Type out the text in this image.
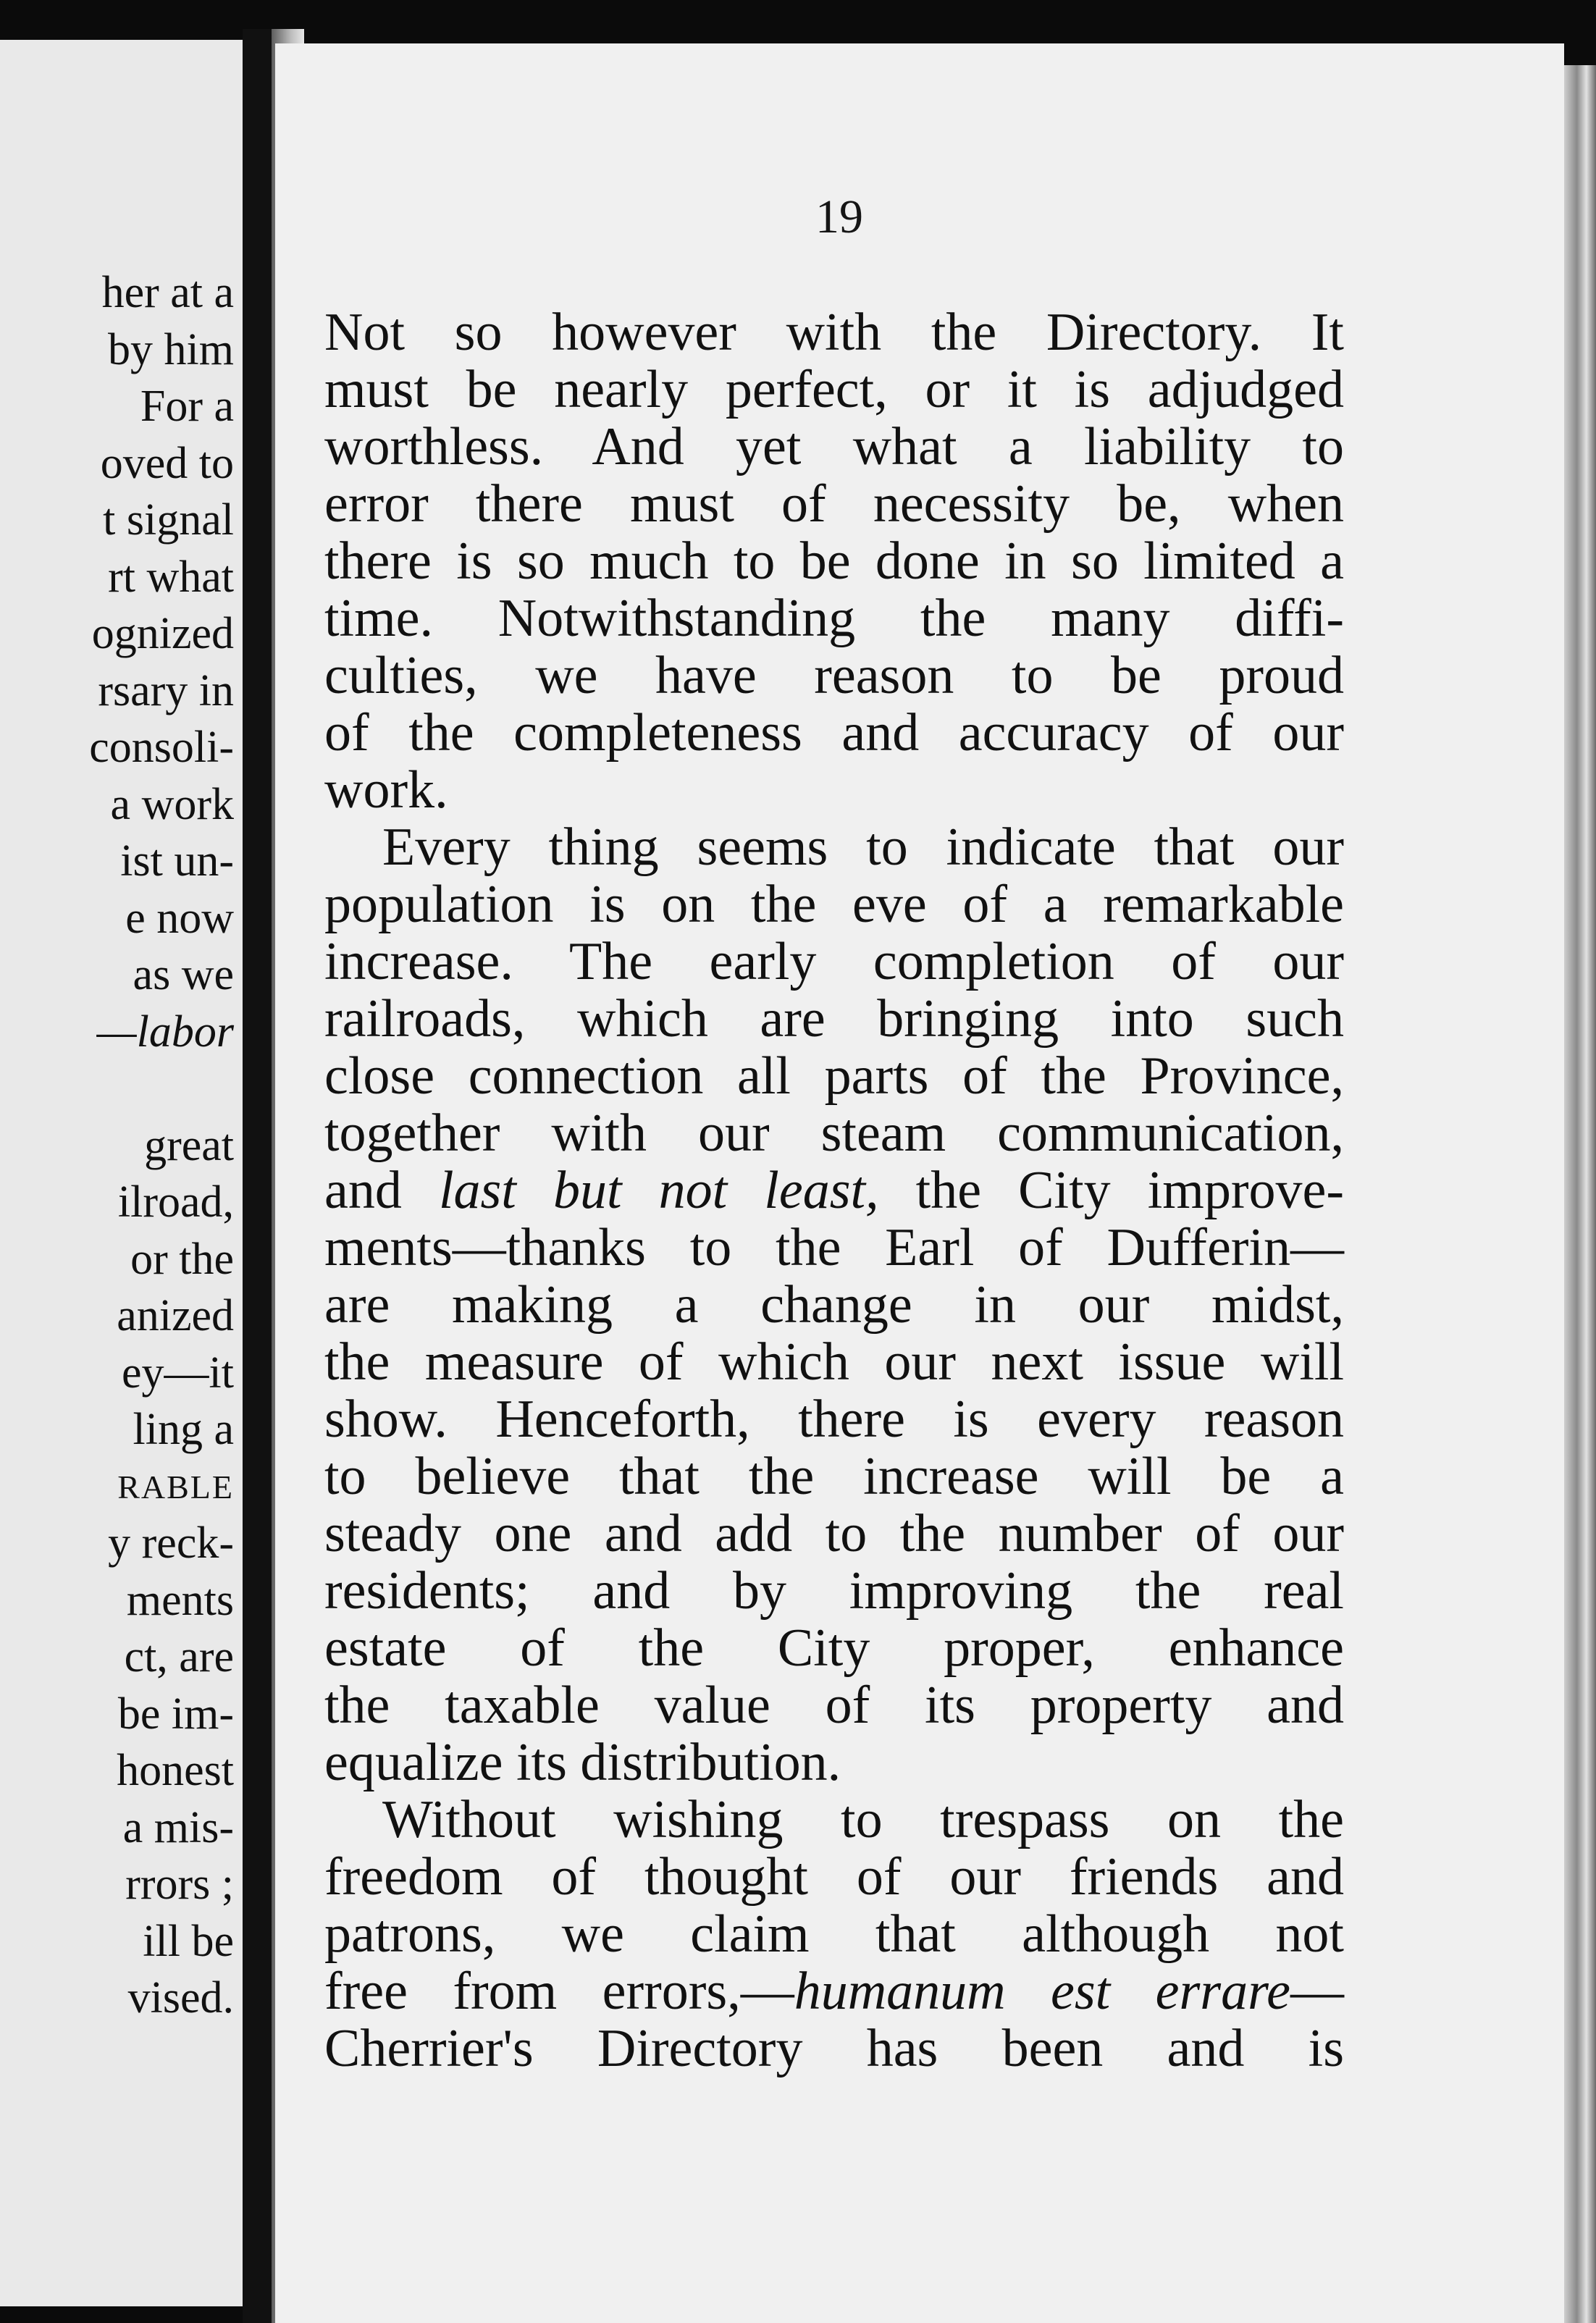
her at a
by him
For a
oved to
t signal
rt what
ognized
rsary in
consoli-
a work
ist un-
e now
as we
—labor
great
ilroad,
or the
anized
ey—it
ling a
RABLE
y reck-
ments
ct, are
be im-
honest
a mis-
rrors ;
ill be
vised.
19
Not so however with the Directory. It
must be nearly perfect, or it is adjudged
worthless. And yet what a liability to
error there must of necessity be, when
there is so much to be done in so limited a
time. Notwithstanding the many diffi-
culties, we have reason to be proud
of the completeness and accuracy of our
work.
Every thing seems to indicate that our
population is on the eve of a remarkable
increase. The early completion of our
railroads, which are bringing into such
close connection all parts of the Province,
together with our steam communication,
and last but not least, the City improve-
ments—thanks to the Earl of Dufferin—
are making a change in our midst,
the measure of which our next issue will
show. Henceforth, there is every reason
to believe that the increase will be a
steady one and add to the number of our
residents; and by improving the real
estate of the City proper, enhance
the taxable value of its property and
equalize its distribution.
Without wishing to trespass on the
freedom of thought of our friends and
patrons, we claim that although not
free from errors,—humanum est errare—
Cherrier's Directory has been and is
